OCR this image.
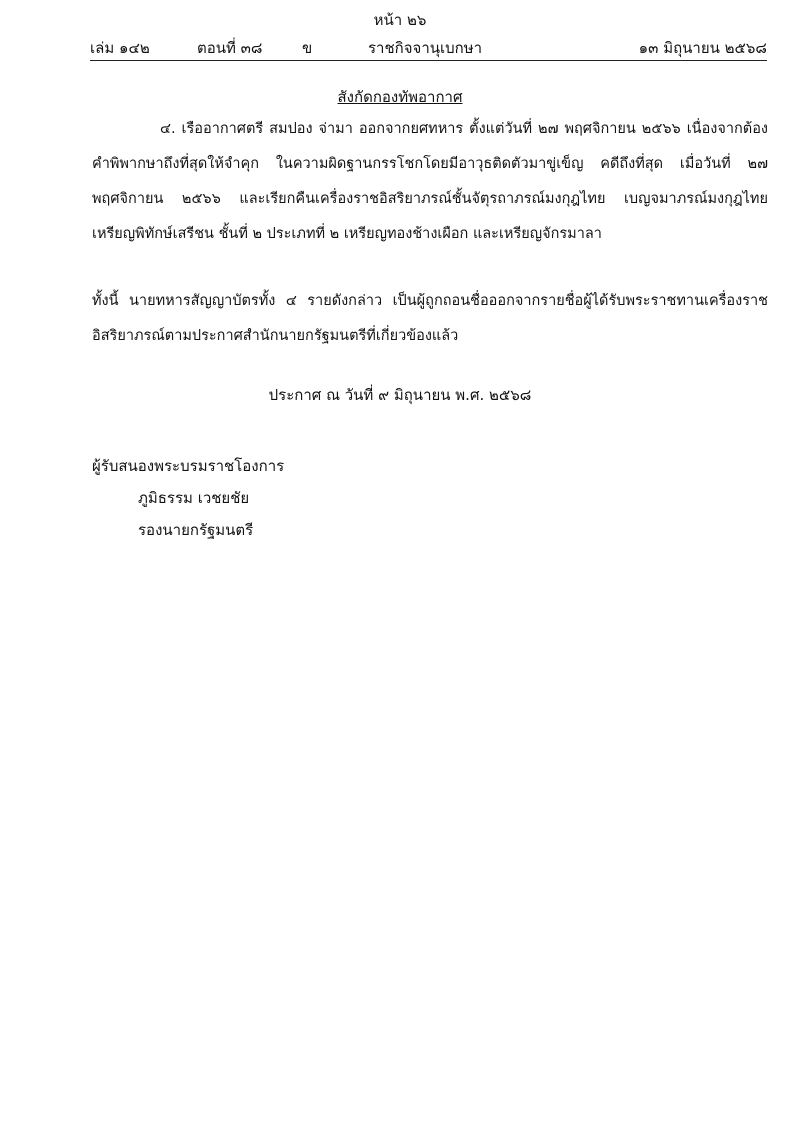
หน้า ๒๖
เล่ม ๑๔๒	ตอนที่ ๓๘	ข	ราชกิจจานุเบกษา	๑๓ มิถุนายน ๒๕๖๘
สังกัดกองทัพอากาศ

๔. เรืออากาศตรี สมปอง จ่ามา ออกจากยศทหาร ตั้งแต่วันที่ ๒๗ พฤศจิกายน ๒๕๖๖ เนื่องจากต้องคำพิพากษาถึงที่สุดให้จำคุก ในความผิดฐานกรรโชกโดยมีอาวุธติดตัวมาขู่เข็ญ คดีถึงที่สุด เมื่อวันที่ ๒๗ พฤศจิกายน ๒๕๖๖ และเรียกคืนเครื่องราชอิสริยาภรณ์ชั้นจัตุรถาภรณ์มงกุฎไทย เบญจมาภรณ์มงกุฎไทย เหรียญพิทักษ์เสรีชน ชั้นที่ ๒ ประเภทที่ ๒ เหรียญทองช้างเผือก และเหรียญจักรมาลา

ทั้งนี้ นายทหารสัญญาบัตรทั้ง ๔ รายดังกล่าว เป็นผู้ถูกถอนชื่อออกจากรายชื่อผู้ได้รับพระราชทานเครื่องราชอิสริยาภรณ์ตามประกาศสำนักนายกรัฐมนตรีที่เกี่ยวข้องแล้ว

ประกาศ ณ วันที่ ๙ มิถุนายน พ.ศ. ๒๕๖๘
ผู้รับสนองพระบรมราชโองการ
ภูมิธรรม เวชยชัย
รองนายกรัฐมนตรี
